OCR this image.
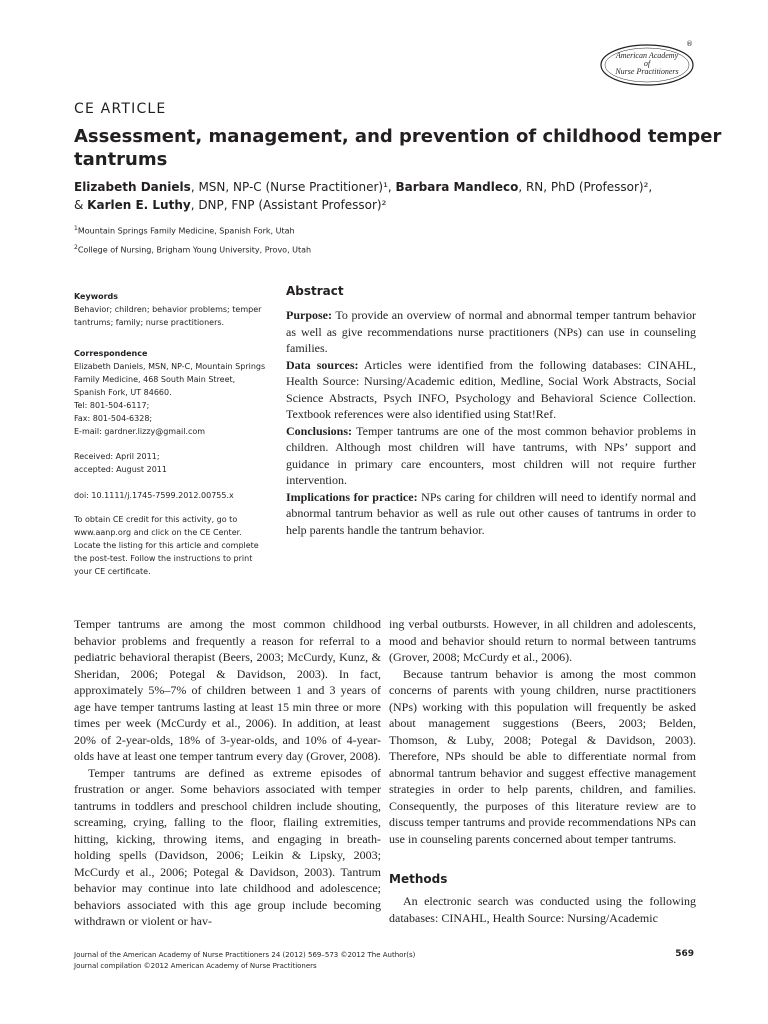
American Academy
of
Nurse Practitioners
®
CE ARTICLE
Assessment, management, and prevention of childhood temper tantrums
Elizabeth Daniels, MSN, NP-C (Nurse Practitioner)¹, Barbara Mandleco, RN, PhD (Professor)²,
& Karlen E. Luthy, DNP, FNP (Assistant Professor)²
$^1$Mountain Springs Family Medicine, Spanish Fork, Utah
$^2$College of Nursing, Brigham Young University, Provo, Utah
Keywords
Behavior; children; behavior problems; temper
tantrums; family; nurse practitioners.
Correspondence
Elizabeth Daniels, MSN, NP-C, Mountain Springs
Family Medicine, 468 South Main Street,
Spanish Fork, UT 84660.
Tel: 801-504-6117;
Fax: 801-504-6328;
E-mail: gardner.lizzy@gmail.com
Received: April 2011;
accepted: August 2011
doi: 10.1111/j.1745-7599.2012.00755.x
To obtain CE credit for this activity, go to
www.aanp.org and click on the CE Center.
Locate the listing for this article and complete
the post-test. Follow the instructions to print
your CE certificate.
Abstract

Purpose: To provide an overview of normal and abnormal temper tantrum behavior as well as give recommendations nurse practitioners (NPs) can use in counseling families.

Data sources: Articles were identified from the following databases: CINAHL, Health Source: Nursing/Academic edition, Medline, Social Work Abstracts, Social Science Abstracts, Psych INFO, Psychology and Behavioral Science Collection. Textbook references were also identified using Stat!Ref.

Conclusions: Temper tantrums are one of the most common behavior problems in children. Although most children will have tantrums, with NPs’ support and guidance in primary care encounters, most children will not require further intervention.

Implications for practice: NPs caring for children will need to identify normal and abnormal tantrum behavior as well as rule out other causes of tantrums in order to help parents handle the tantrum behavior.

Temper tantrums are among the most common childhood behavior problems and frequently a reason for referral to a pediatric behavioral therapist (Beers, 2003; McCurdy, Kunz, & Sheridan, 2006; Potegal & Davidson, 2003). In fact, approximately 5%–7% of children between 1 and 3 years of age have temper tantrums lasting at least 15 min three or more times per week (McCurdy et al., 2006). In addition, at least 20% of 2-year-olds, 18% of 3-year-olds, and 10% of 4-year-olds have at least one temper tantrum every day (Grover, 2008).

Temper tantrums are defined as extreme episodes of frustration or anger. Some behaviors associated with temper tantrums in toddlers and preschool children include shouting, screaming, crying, falling to the floor, flailing extremities, hitting, kicking, throwing items, and engaging in breath-holding spells (Davidson, 2006; Leikin & Lipsky, 2003; McCurdy et al., 2006; Potegal & Davidson, 2003). Tantrum behavior may continue into late childhood and adolescence; behaviors associated with this age group include becoming withdrawn or violent or hav-

ing verbal outbursts. However, in all children and adolescents, mood and behavior should return to normal between tantrums (Grover, 2008; McCurdy et al., 2006).

Because tantrum behavior is among the most common concerns of parents with young children, nurse practitioners (NPs) working with this population will frequently be asked about management suggestions (Beers, 2003; Belden, Thomson, & Luby, 2008; Potegal & Davidson, 2003). Therefore, NPs should be able to differentiate normal from abnormal tantrum behavior and suggest effective management strategies in order to help parents, children, and families. Consequently, the purposes of this literature review are to discuss temper tantrums and provide recommendations NPs can use in counseling parents concerned about temper tantrums.

Methods

An electronic search was conducted using the following databases: CINAHL, Health Source: Nursing/Academic

Journal of the American Academy of Nurse Practitioners 24 (2012) 569–573 ©2012 The Author(s)
Journal compilation ©2012 American Academy of Nurse Practitioners
569
